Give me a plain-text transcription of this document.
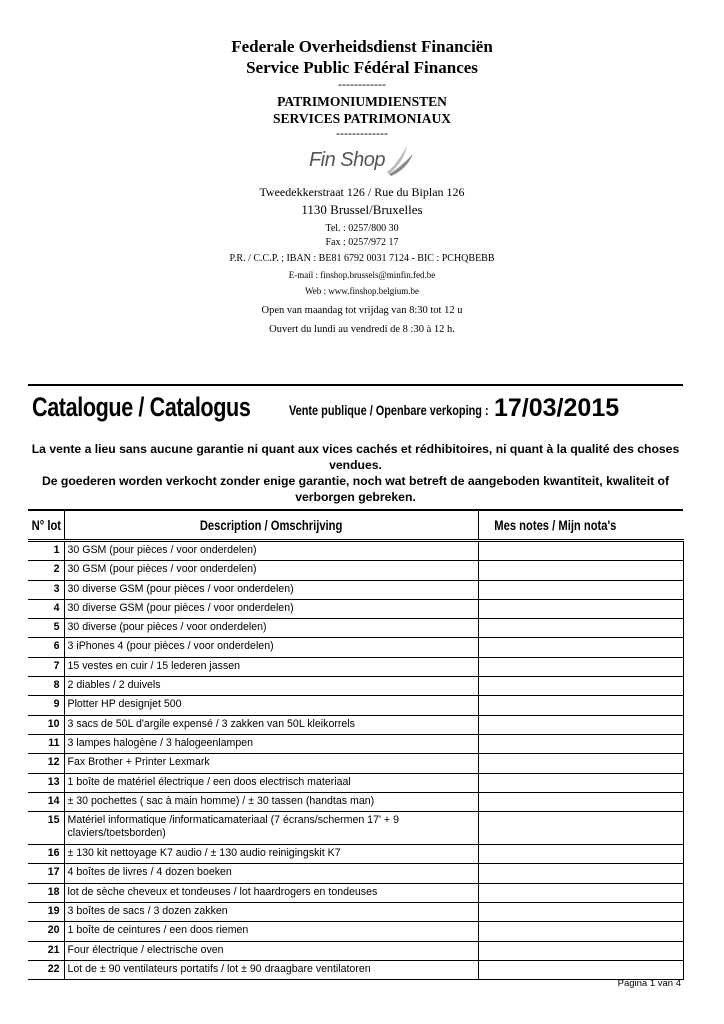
Federale Overheidsdienst Financiën
Service Public Fédéral Finances
------------
PATRIMONIUMDIENSTEN
SERVICES PATRIMONIAUX
-------------
Fin Shop
Tweedekkerstraat 126 / Rue du Biplan 126
1130 Brussel/Bruxelles
Tel. : 0257/800 30
Fax : 0257/972 17
P.R. / C.C.P. ; IBAN : BE81 6792 0031 7124 - BIC : PCHQBEBB
E-mail : finshop.brussels@minfin.fed.be
Web : www.finshop.belgium.be
Open van maandag tot vrijdag van 8:30 tot 12 u
Ouvert du lundi au vendredi de 8 :30 à 12 h.
Catalogue / Catalogus	Vente publique / Openbare verkoping : 17/03/2015
La vente a lieu sans aucune garantie ni quant aux vices cachés et rédhibitoires, ni quant à la qualité des choses vendues.
De goederen worden verkocht zonder enige garantie, noch wat betreft de aangeboden kwantiteit, kwaliteit of verborgen gebreken.
N° lot	Description / Omschrijving	Mes notes / Mijn nota's
1	30 GSM (pour pièces / voor onderdelen)	
2	30 GSM (pour pièces / voor onderdelen)	
3	30 diverse GSM (pour pièces / voor onderdelen)	
4	30 diverse GSM (pour pièces / voor onderdelen)	
5	30 diverse (pour pièces / voor onderdelen)	
6	3 iPhones 4 (pour pièces / voor onderdelen)	
7	15 vestes en cuir / 15 lederen jassen	
8	2 diables / 2 duivels	
9	Plotter HP designjet 500	
10	3 sacs de 50L d'argile expensé / 3 zakken van 50L kleikorrels	
11	3 lampes halogène / 3 halogeenlampen	
12	Fax Brother + Printer Lexmark	
13	1 boîte de matériel électrique / een doos electrisch materiaal	
14	± 30 pochettes ( sac à main homme) / ± 30 tassen (handtas man)	
15	Matériel informatique /informaticamateriaal (7 écrans/schermen 17' + 9 claviers/toetsborden)	
16	± 130 kit nettoyage K7 audio / ± 130 audio reinigingskit K7	
17	4 boîtes de livres / 4 dozen boeken	
18	lot de sèche cheveux et tondeuses / lot haardrogers en tondeuses	
19	3 boîtes de sacs / 3 dozen zakken	
20	1 boîte de ceintures / een doos riemen	
21	Four électrique / electrische oven	
22	Lot de ± 90 ventilateurs portatifs / lot ± 90 draagbare ventilatoren	
Pagina 1 van 4
